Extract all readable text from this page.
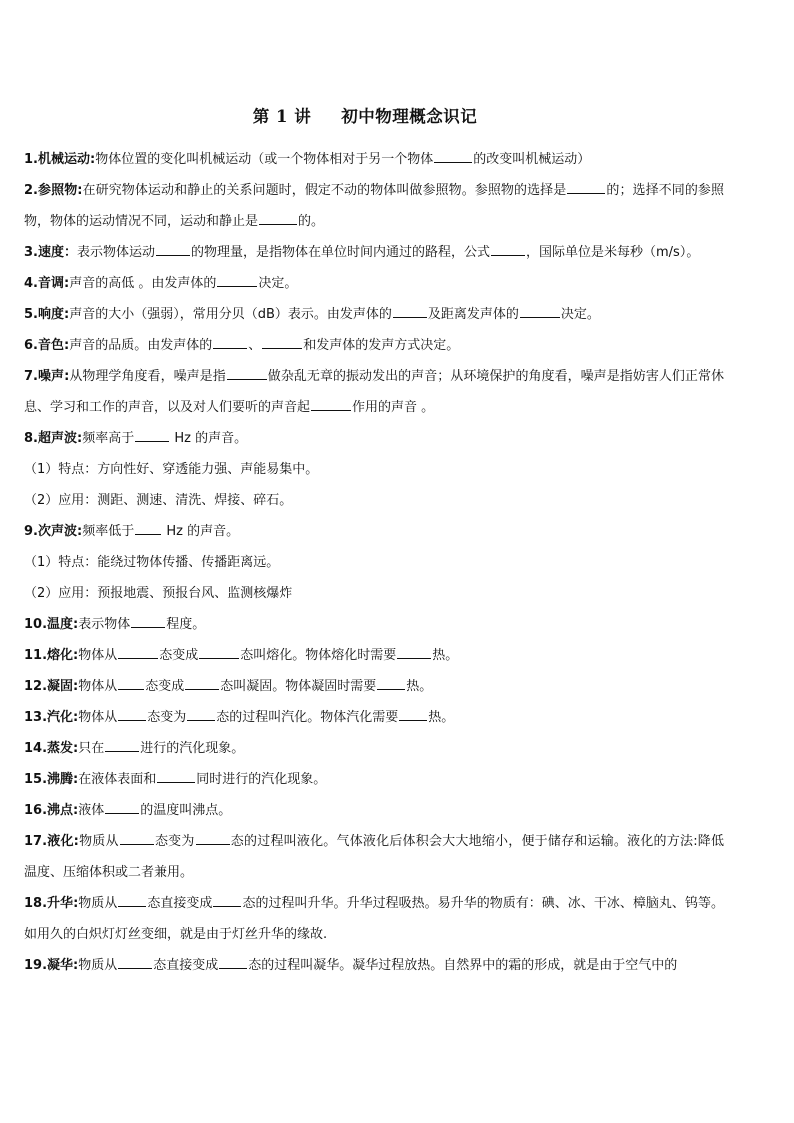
第 1 讲 初中物理概念识记
1.机械运动:物体位置的变化叫机械运动（或一个物体相对于另一个物体	的改变叫机械运动）
2.参照物:在研究物体运动和静止的关系问题时，假定不动的物体叫做参照物。参照物的选择是	的；选择不同的参照物，物体的运动情况不同，运动和静止是	的。
3.速度：表示物体运动	的物理量，是指物体在单位时间内通过的路程，公式	，国际单位是米每秒（m/s）。
4.音调:声音的高低 。由发声体的	决定。
5.响度:声音的大小（强弱），常用分贝（dB）表示。由发声体的	及距离发声体的	决定。
6.音色:声音的品质。由发声体的	、	和发声体的发声方式决定。
7.噪声:从物理学角度看，噪声是指	做杂乱无章的振动发出的声音；从环境保护的角度看，噪声是指妨害人们正常休息、学习和工作的声音，以及对人们要听的声音起	作用的声音 。
8.超声波:频率高于	Hz 的声音。
（1）特点：方向性好、穿透能力强、声能易集中。
（2）应用：测距、测速、清洗、焊接、碎石。
9.次声波:频率低于 Hz 的声音。
（1）特点：能绕过物体传播、传播距离远。
（2）应用：预报地震、预报台风、监测核爆炸
10.温度:表示物体	程度。
11.熔化:物体从	态变成	态叫熔化。物体熔化时需要	热。
12.凝固:物体从 态变成	态叫凝固。物体凝固时需要 热。
13.汽化:物体从 态变为 态的过程叫汽化。物体汽化需要 热。
14.蒸发:只在	进行的汽化现象。
15.沸腾:在液体表面和	同时进行的汽化现象。
16.沸点:液体	的温度叫沸点。
17.液化:物质从	态变为	态的过程叫液化。气体液化后体积会大大地缩小，便于储存和运输。液化的方法:降低温度、压缩体积或二者兼用。
18.升华:物质从 态直接变成 态的过程叫升华。升华过程吸热。易升华的物质有：碘、冰、干冰、樟脑丸、钨等。如用久的白炽灯灯丝变细，就是由于灯丝升华的缘故.
19.凝华:物质从	态直接变成 态的过程叫凝华。凝华过程放热。自然界中的霜的形成，就是由于空气中的
